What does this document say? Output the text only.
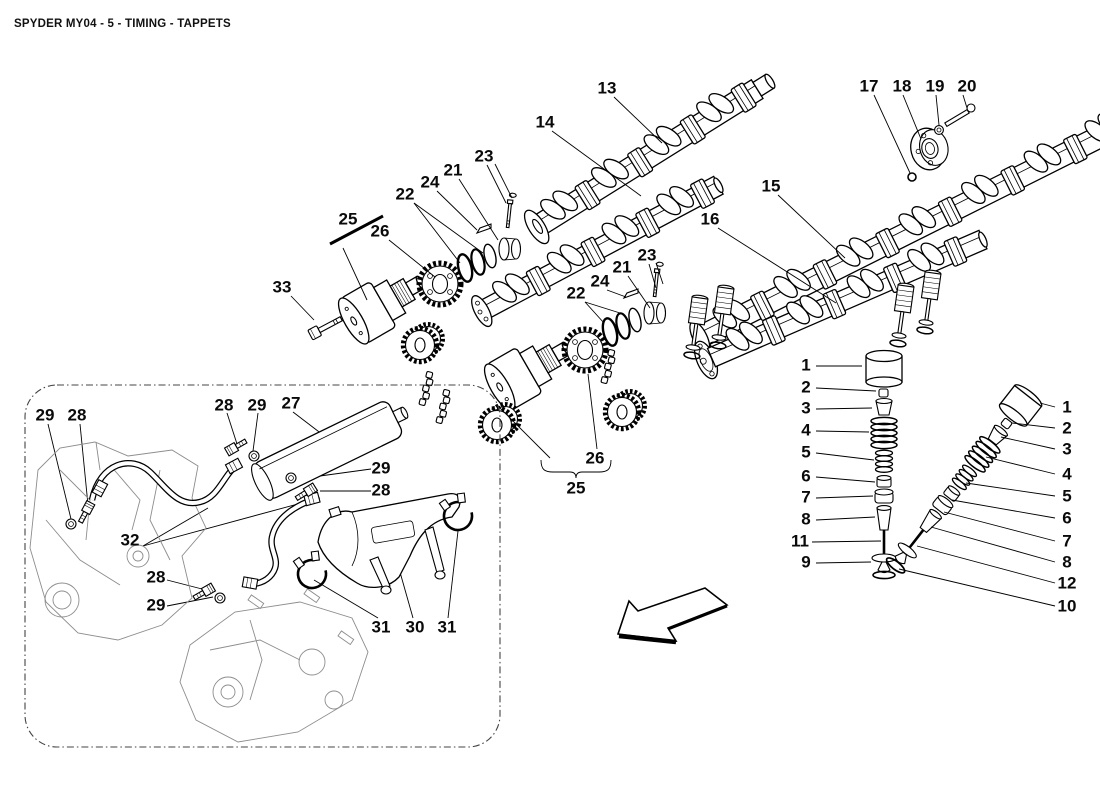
SPYDER MY04 - 5 - TIMING - TAPPETS
13
14
17 18 19 20
15
16
23
21
24
22
25
26
33
23
21
24
22
26
25
1
2
3
4
5
6
7
8
11
9
1
2
3
4
5
6
7
8
12
10
29 28
28 29 27
29
28
32
28
29
31 30 31
